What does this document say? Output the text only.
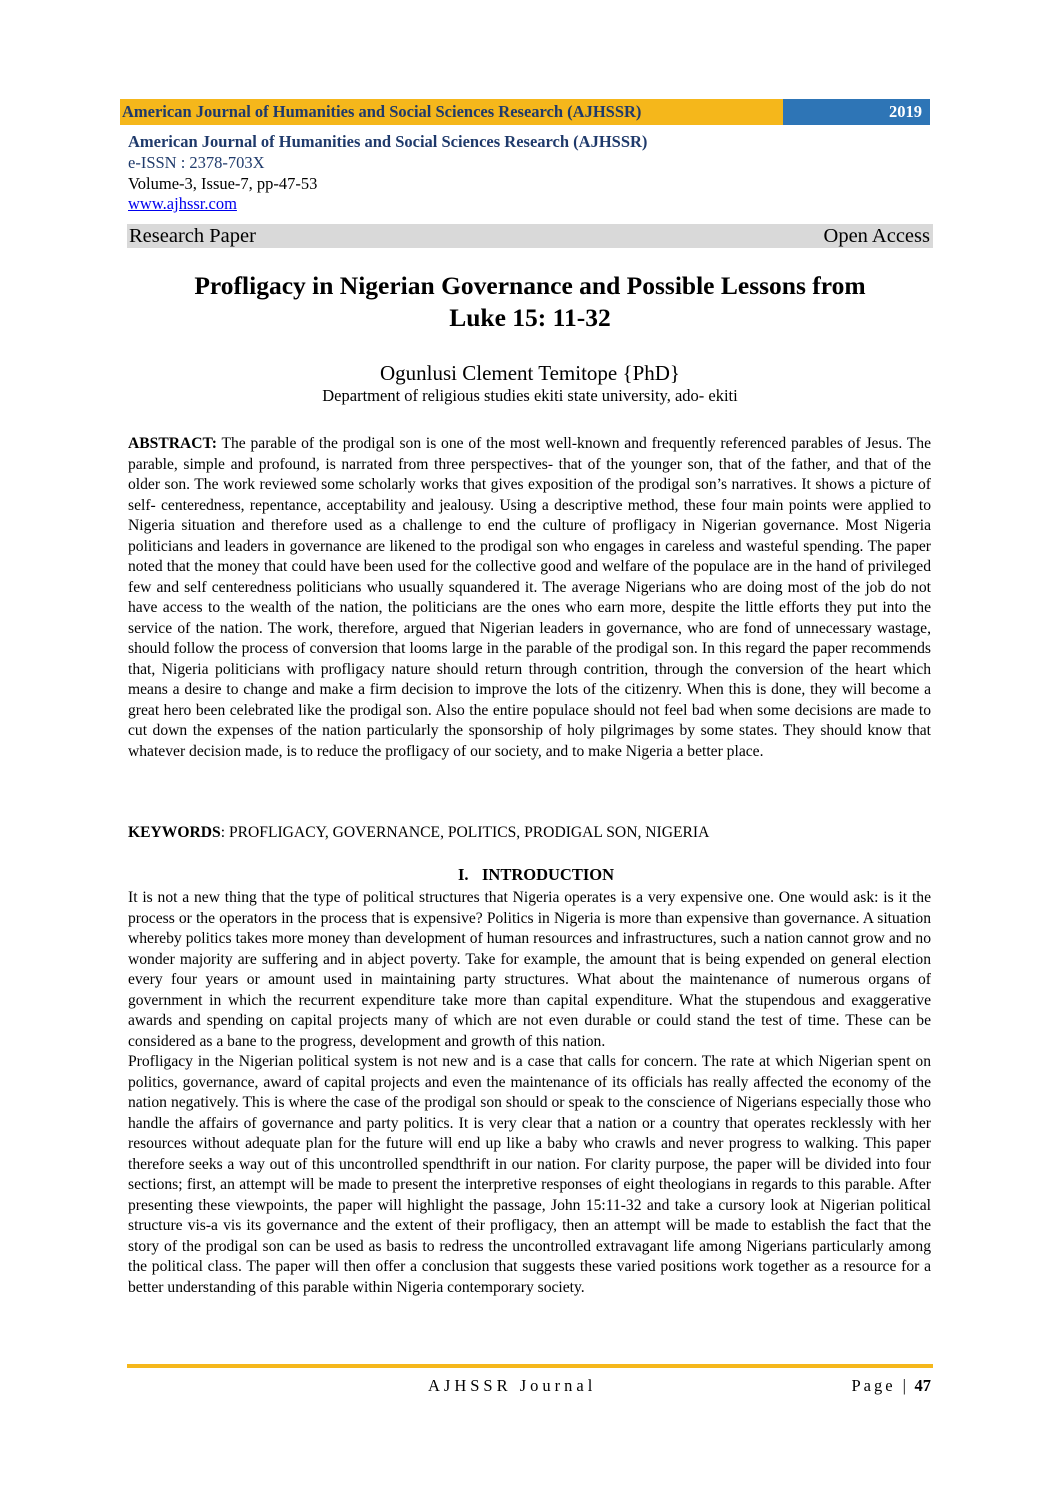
American Journal of Humanities and Social Sciences Research (AJHSSR)	2019
American Journal of Humanities and Social Sciences Research (AJHSSR)
e-ISSN : 2378-703X
Volume-3, Issue-7, pp-47-53
www.ajhssr.com
Research Paper	Open Access
Profligacy in Nigerian Governance and Possible Lessons from
Luke 15: 11-32
Ogunlusi Clement Temitope {PhD}
Department of religious studies ekiti state university, ado- ekiti
ABSTRACT: The parable of the prodigal son is one of the most well-known and frequently referenced parables of Jesus. The parable, simple and profound, is narrated from three perspectives- that of the younger son, that of the father, and that of the older son. The work reviewed some scholarly works that gives exposition of the prodigal son’s narratives. It shows a picture of self- centeredness, repentance, acceptability and jealousy. Using a descriptive method, these four main points were applied to Nigeria situation and therefore used as a challenge to end the culture of profligacy in Nigerian governance. Most Nigeria politicians and leaders in governance are likened to the prodigal son who engages in careless and wasteful spending. The paper noted that the money that could have been used for the collective good and welfare of the populace are in the hand of privileged few and self centeredness politicians who usually squandered it. The average Nigerians who are doing most of the job do not have access to the wealth of the nation, the politicians are the ones who earn more, despite the little efforts they put into the service of the nation. The work, therefore, argued that Nigerian leaders in governance, who are fond of unnecessary wastage, should follow the process of conversion that looms large in the parable of the prodigal son. In this regard the paper recommends that, Nigeria politicians with profligacy nature should return through contrition, through the conversion of the heart which means a desire to change and make a firm decision to improve the lots of the citizenry. When this is done, they will become a great hero been celebrated like the prodigal son. Also the entire populace should not feel bad when some decisions are made to cut down the expenses of the nation particularly the sponsorship of holy pilgrimages by some states. They should know that whatever decision made, is to reduce the profligacy of our society, and to make Nigeria a better place.
KEYWORDS: PROFLIGACY, GOVERNANCE, POLITICS, PRODIGAL SON, NIGERIA
I. INTRODUCTION

It is not a new thing that the type of political structures that Nigeria operates is a very expensive one. One would ask: is it the process or the operators in the process that is expensive? Politics in Nigeria is more than expensive than governance. A situation whereby politics takes more money than development of human resources and infrastructures, such a nation cannot grow and no wonder majority are suffering and in abject poverty. Take for example, the amount that is being expended on general election every four years or amount used in maintaining party structures. What about the maintenance of numerous organs of government in which the recurrent expenditure take more than capital expenditure. What the stupendous and exaggerative awards and spending on capital projects many of which are not even durable or could stand the test of time. These can be considered as a bane to the progress, development and growth of this nation.

Profligacy in the Nigerian political system is not new and is a case that calls for concern. The rate at which Nigerian spent on politics, governance, award of capital projects and even the maintenance of its officials has really affected the economy of the nation negatively. This is where the case of the prodigal son should or speak to the conscience of Nigerians especially those who handle the affairs of governance and party politics. It is very clear that a nation or a country that operates recklessly with her resources without adequate plan for the future will end up like a baby who crawls and never progress to walking. This paper therefore seeks a way out of this uncontrolled spendthrift in our nation. For clarity purpose, the paper will be divided into four sections; first, an attempt will be made to present the interpretive responses of eight theologians in regards to this parable. After presenting these viewpoints, the paper will highlight the passage, John 15:11-32 and take a cursory look at Nigerian political structure vis-a vis its governance and the extent of their profligacy, then an attempt will be made to establish the fact that the story of the prodigal son can be used as basis to redress the uncontrolled extravagant life among Nigerians particularly among the political class. The paper will then offer a conclusion that suggests these varied positions work together as a resource for a better understanding of this parable within Nigeria contemporary society.

AJHSSR Journal	Page | 47
